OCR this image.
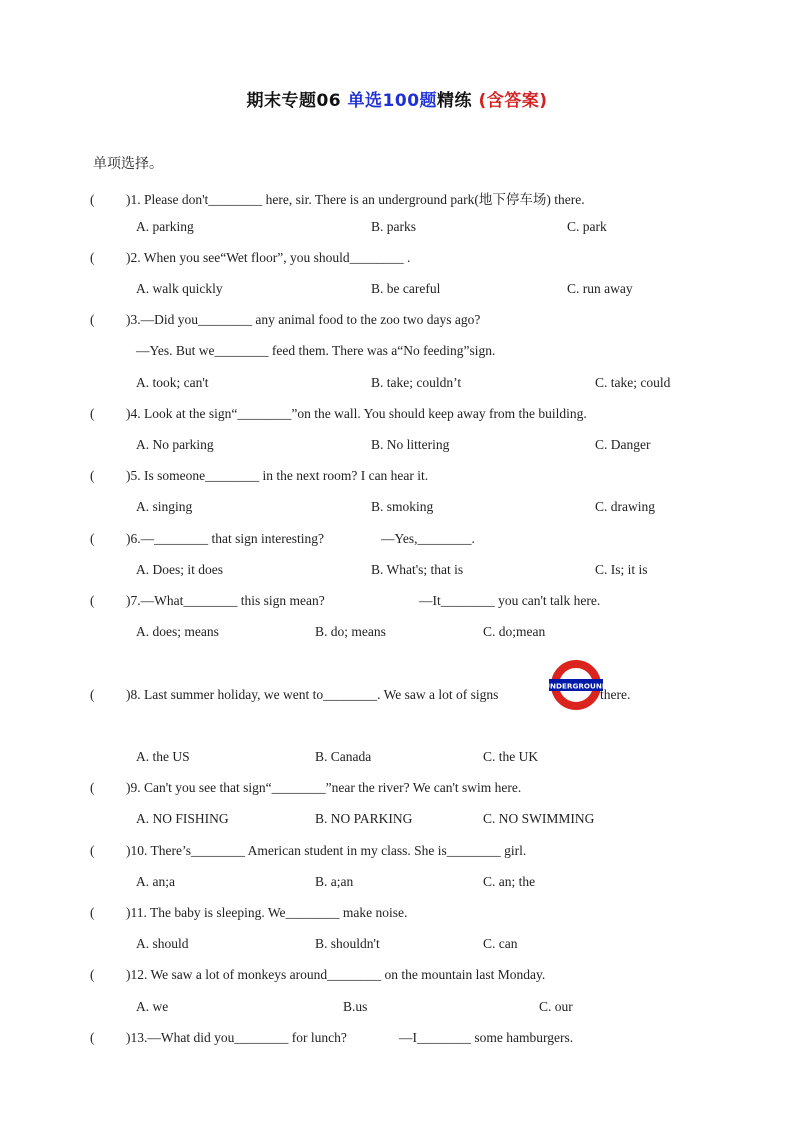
期末专题06 单选100题精练 (含答案)
单项选择。
( )1. Please don't________ here, sir. There is an underground park(地下停车场) there.
A. parking	B. parks	C. park
( )2. When you see“Wet floor”, you should________ .
A. walk quickly	B. be careful	C. run away
( )3.—Did you________ any animal food to the zoo two days ago?
—Yes. But we________ feed them. There was a“No feeding”sign.
A. took; can't	B. take; couldn’t	C. take; could
( )4. Look at the sign“________”on the wall. You should keep away from the building.
A. No parking	B. No littering	C. Danger
( )5. Is someone________ in the next room? I can hear it.
A. singing	B. smoking	C. drawing
( )6.—________ that sign interesting?	—Yes,________.
A. Does; it does	B. What's; that is	C. Is; it is
( )7.—What________ this sign mean?	—It________ you can't talk here.
A. does; means	B. do; means	C. do;mean
( )8. Last summer holiday, we went to________. We saw a lot of signs
UNDERGROUND
there.
A. the US	B. Canada	C. the UK
( )9. Can't you see that sign“________”near the river? We can't swim here.
A. NO FISHING	B. NO PARKING	C. NO SWIMMING
( )10. There’s________ American student in my class. She is________ girl.
A. an;a	B. a;an	C. an; the
( )11. The baby is sleeping. We________ make noise.
A. should	B. shouldn't	C. can
( )12. We saw a lot of monkeys around________ on the mountain last Monday.
A. we	B.us	C. our
( )13.—What did you________ for lunch?	—I________ some hamburgers.
